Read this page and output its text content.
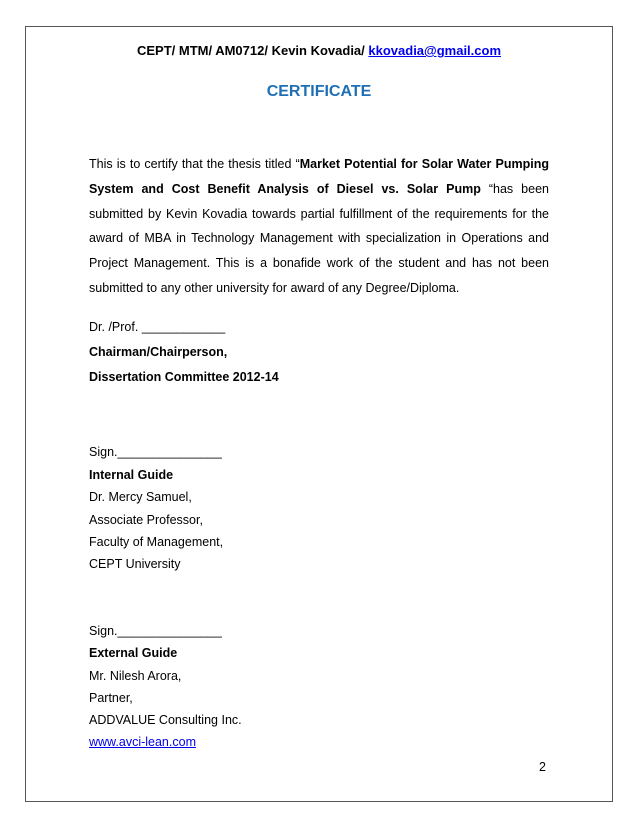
CEPT/ MTM/ AM0712/ Kevin Kovadia/ kkovadia@gmail.com
CERTIFICATE
This is to certify that the thesis titled “Market Potential for Solar Water Pumping System and Cost Benefit Analysis of Diesel vs. Solar Pump “has been submitted by Kevin Kovadia towards partial fulfillment of the requirements for the award of MBA in Technology Management with specialization in Operations and Project Management. This is a bonafide work of the student and has not been submitted to any other university for award of any Degree/Diploma.
Dr. /Prof. ____________
Chairman/Chairperson,
Dissertation Committee 2012-14
Sign._______________
Internal Guide
Dr. Mercy Samuel,
Associate Professor,
Faculty of Management,
CEPT University
Sign._______________
External Guide
Mr. Nilesh Arora,
Partner,
ADDVALUE Consulting Inc.
www.avci-lean.com
2
